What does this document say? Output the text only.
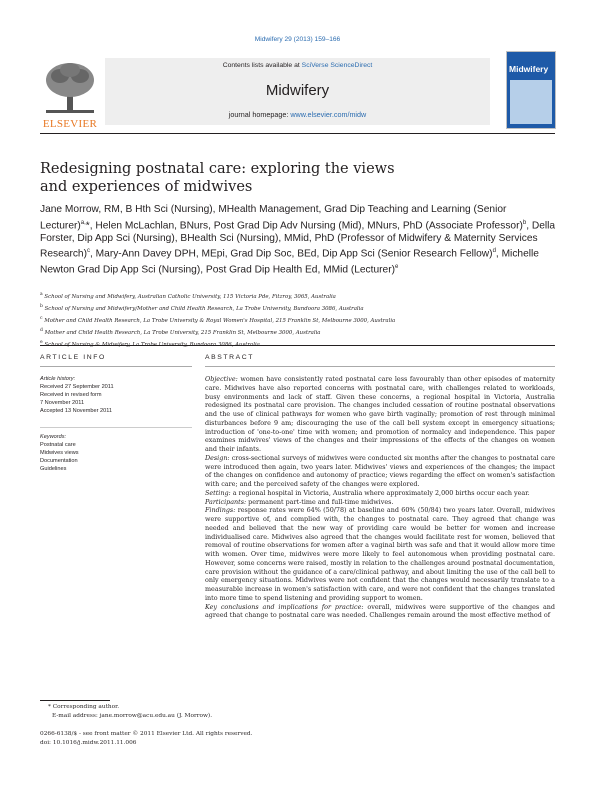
Midwifery 29 (2013) 159–166
ELSEVIER
Contents lists available at SciVerse ScienceDirect
Midwifery
journal homepage: www.elsevier.com/midw
Midwifery
Redesigning postnatal care: exploring the views
and experiences of midwives
Jane Morrow, RM, B Hth Sci (Nursing), MHealth Management, Grad Dip Teaching and Learning (Senior Lecturer)$^{a,}$*, Helen McLachlan, BNurs, Post Grad Dip Adv Nursing (Mid), MNurs, PhD (Associate Professor)$^b$, Della Forster, Dip App Sci (Nursing), BHealth Sci (Nursing), MMid, PhD (Professor of Midwifery & Maternity Services Research)$^c$, Mary-Ann Davey DPH, MEpi, Grad Dip Soc, BEd, Dip App Sci (Senior Research Fellow)$^d$, Michelle Newton Grad Dip App Sci (Nursing), Post Grad Dip Health Ed, MMid (Lecturer)$^e$
$^a$ School of Nursing and Midwifery, Australian Catholic University, 115 Victoria Pde, Fitzroy, 3065, Australia
$^b$ School of Nursing and Midwifery/Mother and Child Health Research, La Trobe University, Bundoora 3086, Australia
$^c$ Mother and Child Health Research, La Trobe University & Royal Women's Hospital, 215 Franklin St, Melbourne 3000, Australia
$^d$ Mother and Child Health Research, La Trobe University, 215 Franklin St, Melbourne 3000, Australia
$^e$
ARTICLE INFO	ABSTRACT
Article history:
Received 27 September 2011
Received in revised form
7 November 2011
Accepted 13 November 2011
Keywords:
Postnatal care
Midwives views
Documentation
Guidelines

Objective: women have consistently rated postnatal care less favourably than other episodes of maternity care. Midwives have also reported concerns with postnatal care, with challenges related to workloads, busy environments and lack of staff. Given these concerns, a regional hospital in Victoria, Australia redesigned its postnatal care provision. The changes included cessation of routine postnatal observations and the use of clinical pathways for women who gave birth vaginally; promotion of rest through minimal disturbances before 9 am; discouraging the use of the call bell system except in emergency situations; introduction of 'one-to-one' time with women; and promotion of normalcy and independence. This paper examines midwives' views of the changes and their impressions of the effects of the changes on women and their infants.

Design: cross-sectional surveys of midwives were conducted six months after the changes to postnatal care were introduced then again, two years later. Midwives' views and experiences of the changes; the impact of the changes on confidence and autonomy of practice; views regarding the effect on women's satisfaction with care; and the perceived safety of the changes were explored.

Setting: a regional hospital in Victoria, Australia where approximately 2,000 births occur each year.

Participants: permanent part-time and full-time midwives.

Findings: response rates were 64% (50/78) at baseline and 60% (50/84) two years later. Overall, midwives were supportive of, and complied with, the changes to postnatal care. They agreed that change was needed and believed that the new way of providing care would be better for women and increase individualised care. Midwives also agreed that the changes would facilitate rest for women, believed that removal of routine observations for women after a vaginal birth was safe and that it would allow more time with women. Over time, midwives were more likely to feel autonomous when providing postnatal care. However, some concerns were raised, mostly in relation to the challenges around postnatal documentation, care provision without the guidance of a care/clinical pathway, and about limiting the use of the call bell to only emergency situations. Midwives were not confident that the changes would necessarily translate to a measurable increase in women's satisfaction with care, and were not confident that the changes translated into more time to spend listening and providing support to women.

Key conclusions and implications for practice: overall, midwives were supportive of the changes and agreed that change to postnatal care was needed. Challenges remain around the most effective method of

* Corresponding author.
E-mail address: jane.morrow@acu.edu.au (J. Morrow).
0266-6138/$ - see front matter © 2011 Elsevier Ltd. All rights reserved.
doi: 10.1016/j.midw.2011.11.006
